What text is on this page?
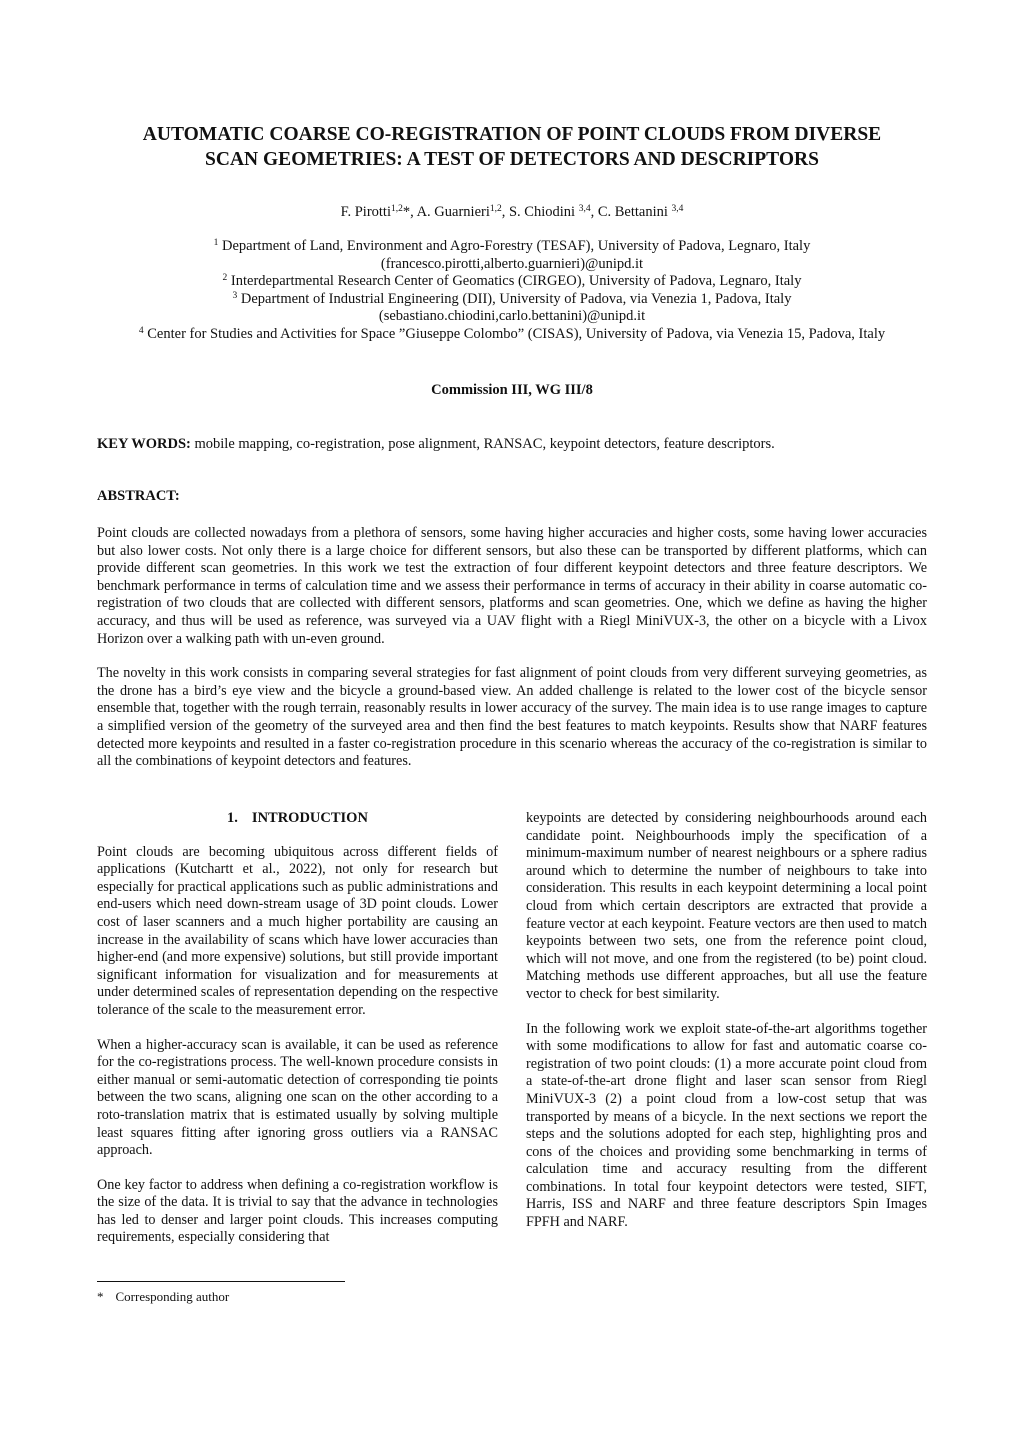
AUTOMATIC COARSE CO-REGISTRATION OF POINT CLOUDS FROM DIVERSE
SCAN GEOMETRIES: A TEST OF DETECTORS AND DESCRIPTORS
F. Pirotti$^{1,2}$*, A. Guarnieri$^{1,2}$, S. Chiodini $^{3,4}$, C. Bettanini $^{3,4}$
$^1$ Department of Land, Environment and Agro-Forestry (TESAF), University of Padova, Legnaro, Italy
(francesco.pirotti,alberto.guarnieri)@unipd.it
$^2$ Interdepartmental Research Center of Geomatics (CIRGEO), University of Padova, Legnaro, Italy
$^3$ Department of Industrial Engineering (DII), University of Padova, via Venezia 1, Padova, Italy
(sebastiano.chiodini,carlo.bettanini)@unipd.it
$^4$ Center for Studies and Activities for Space ”Giuseppe Colombo” (CISAS), University of Padova, via Venezia 15, Padova, Italy
Commission III, WG III/8
KEY WORDS: mobile mapping, co-registration, pose alignment, RANSAC, keypoint detectors, feature descriptors.
ABSTRACT:

Point clouds are collected nowadays from a plethora of sensors, some having higher accuracies and higher costs, some having lower accuracies but also lower costs. Not only there is a large choice for different sensors, but also these can be transported by different platforms, which can provide different scan geometries. In this work we test the extraction of four different keypoint detectors and three feature descriptors. We benchmark performance in terms of calculation time and we assess their performance in terms of accuracy in their ability in coarse automatic co-registration of two clouds that are collected with different sensors, platforms and scan geometries. One, which we define as having the higher accuracy, and thus will be used as reference, was surveyed via a UAV flight with a Riegl MiniVUX-3, the other on a bicycle with a Livox Horizon over a walking path with un-even ground.

The novelty in this work consists in comparing several strategies for fast alignment of point clouds from very different surveying geometries, as the drone has a bird’s eye view and the bicycle a ground-based view. An added challenge is related to the lower cost of the bicycle sensor ensemble that, together with the rough terrain, reasonably results in lower accuracy of the survey. The main idea is to use range images to capture a simplified version of the geometry of the surveyed area and then find the best features to match keypoints. Results show that NARF features detected more keypoints and resulted in a faster co-registration procedure in this scenario whereas the accuracy of the co-registration is similar to all the combinations of keypoint detectors and features.

1. INTRODUCTION

Point clouds are becoming ubiquitous across different fields of applications (Kutchartt et al., 2022), not only for research but especially for practical applications such as public administrations and end-users which need down-stream usage of 3D point clouds. Lower cost of laser scanners and a much higher portability are causing an increase in the availability of scans which have lower accuracies than higher-end (and more expensive) solutions, but still provide important significant information for visualization and for measurements at under determined scales of representation depending on the respective tolerance of the scale to the measurement error.

When a higher-accuracy scan is available, it can be used as reference for the co-registrations process. The well-known procedure consists in either manual or semi-automatic detection of corresponding tie points between the two scans, aligning one scan on the other according to a roto-translation matrix that is estimated usually by solving multiple least squares fitting after ignoring gross outliers via a RANSAC approach.

One key factor to address when defining a co-registration workflow is the size of the data. It is trivial to say that the advance in technologies has led to denser and larger point clouds. This increases computing requirements, especially considering that

keypoints are detected by considering neighbourhoods around each candidate point. Neighbourhoods imply the specification of a minimum-maximum number of nearest neighbours or a sphere radius around which to determine the number of neighbours to take into consideration. This results in each keypoint determining a local point cloud from which certain descriptors are extracted that provide a feature vector at each keypoint. Feature vectors are then used to match keypoints between two sets, one from the reference point cloud, which will not move, and one from the registered (to be) point cloud. Matching methods use different approaches, but all use the feature vector to check for best similarity.

In the following work we exploit state-of-the-art algorithms together with some modifications to allow for fast and automatic coarse co-registration of two point clouds: (1) a more accurate point cloud from a state-of-the-art drone flight and laser scan sensor from Riegl MiniVUX-3 (2) a point cloud from a low-cost setup that was transported by means of a bicycle. In the next sections we report the steps and the solutions adopted for each step, highlighting pros and cons of the choices and providing some benchmarking in terms of calculation time and accuracy resulting from the different combinations. In total four keypoint detectors were tested, SIFT, Harris, ISS and NARF and three feature descriptors Spin Images FPFH and NARF.

* Corresponding author
